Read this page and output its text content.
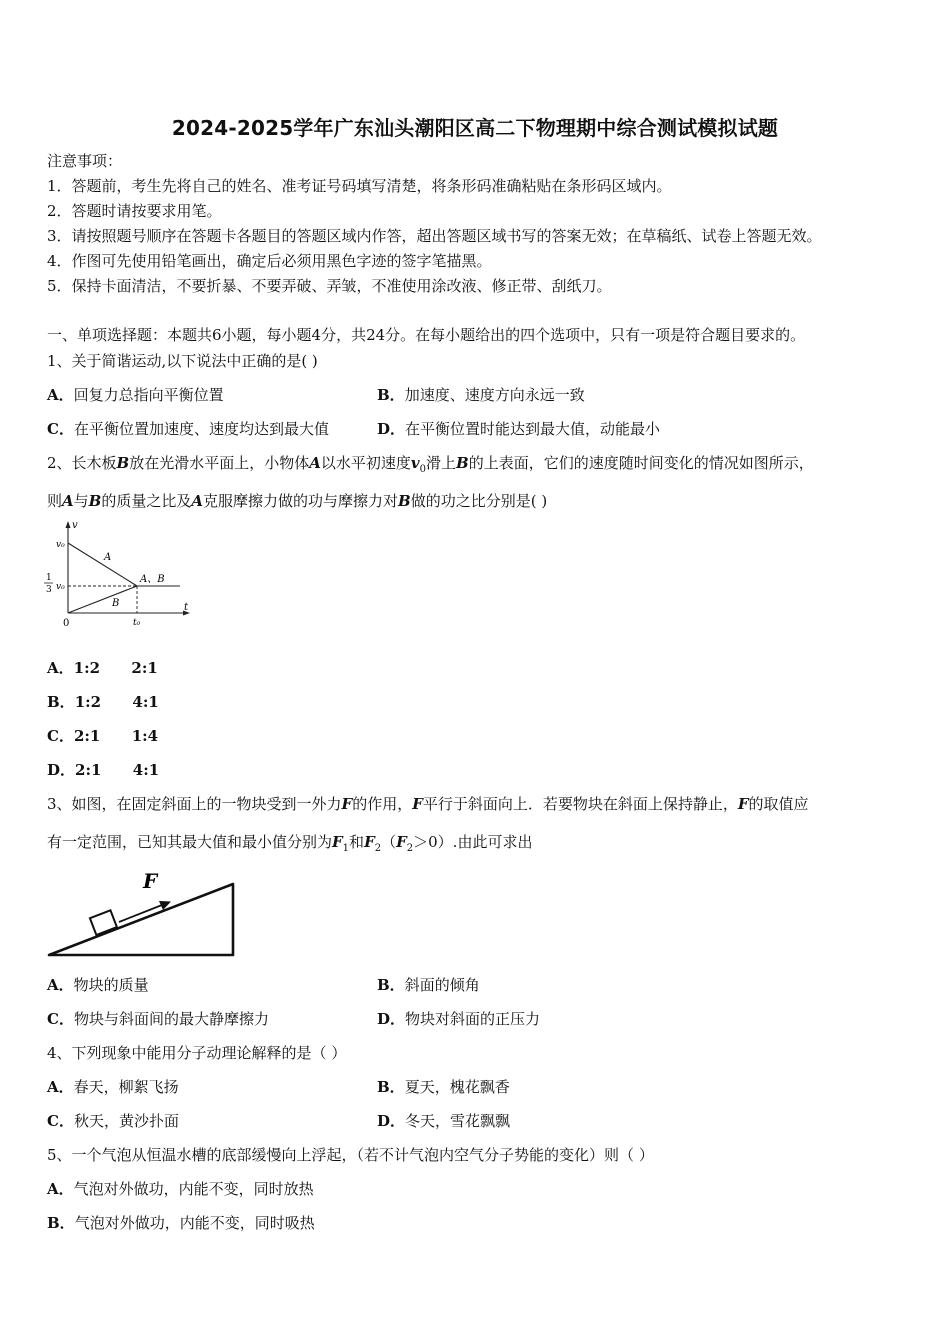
2024-2025学年广东汕头潮阳区高二下物理期中综合测试模拟试题
注意事项：
1．答题前，考生先将自己的姓名、准考证号码填写清楚，将条形码准确粘贴在条形码区域内。
2．答题时请按要求用笔。
3．请按照题号顺序在答题卡各题目的答题区域内作答，超出答题区域书写的答案无效；在草稿纸、试卷上答题无效。
4．作图可先使用铅笔画出，确定后必须用黑色字迹的签字笔描黑。
5．保持卡面清洁，不要折暴、不要弄破、弄皱，不准使用涂改液、修正带、刮纸刀。
一、单项选择题：本题共6小题，每小题4分，共24分。在每小题给出的四个选项中，只有一项是符合题目要求的。
1、关于简谐运动,以下说法中正确的是( )
A．回复力总指向平衡位置	B．加速度、速度方向永远一致
C．在平衡位置加速度、速度均达到最大值	D．在平衡位置时能达到最大值，动能最小
2、长木板B放在光滑水平面上，小物体A以水平初速度$v_0$滑上B的上表面，它们的速度随时间变化的情况如图所示，
则A与B的质量之比及A克服摩擦力做的功与摩擦力对B做的功之比分别是( )
v
t
0
v₀
1
3 v₀
A
A、B
B
t₀
A．1:2      2:1
B．1:2      4:1
C．2:1      1:4
D．2:1      4:1
3、如图，在固定斜面上的一物块受到一外力F的作用，F平行于斜面向上．若要物块在斜面上保持静止，F的取值应
有一定范围，已知其最大值和最小值分别为$F_1$和$F_2(F_2>0)$.由此可求出
F
A．物块的质量	B．斜面的倾角
C．物块与斜面间的最大静摩擦力	D．物块对斜面的正压力
4、下列现象中能用分子动理论解释的是（ ）
A．春天，柳絮飞扬	B．夏天，槐花飘香
C．秋天，黄沙扑面	D．冬天，雪花飘飘
5、一个气泡从恒温水槽的底部缓慢向上浮起，（若不计气泡内空气分子势能的变化）则（ ）
A．气泡对外做功，内能不变，同时放热
B．气泡对外做功，内能不变，同时吸热
